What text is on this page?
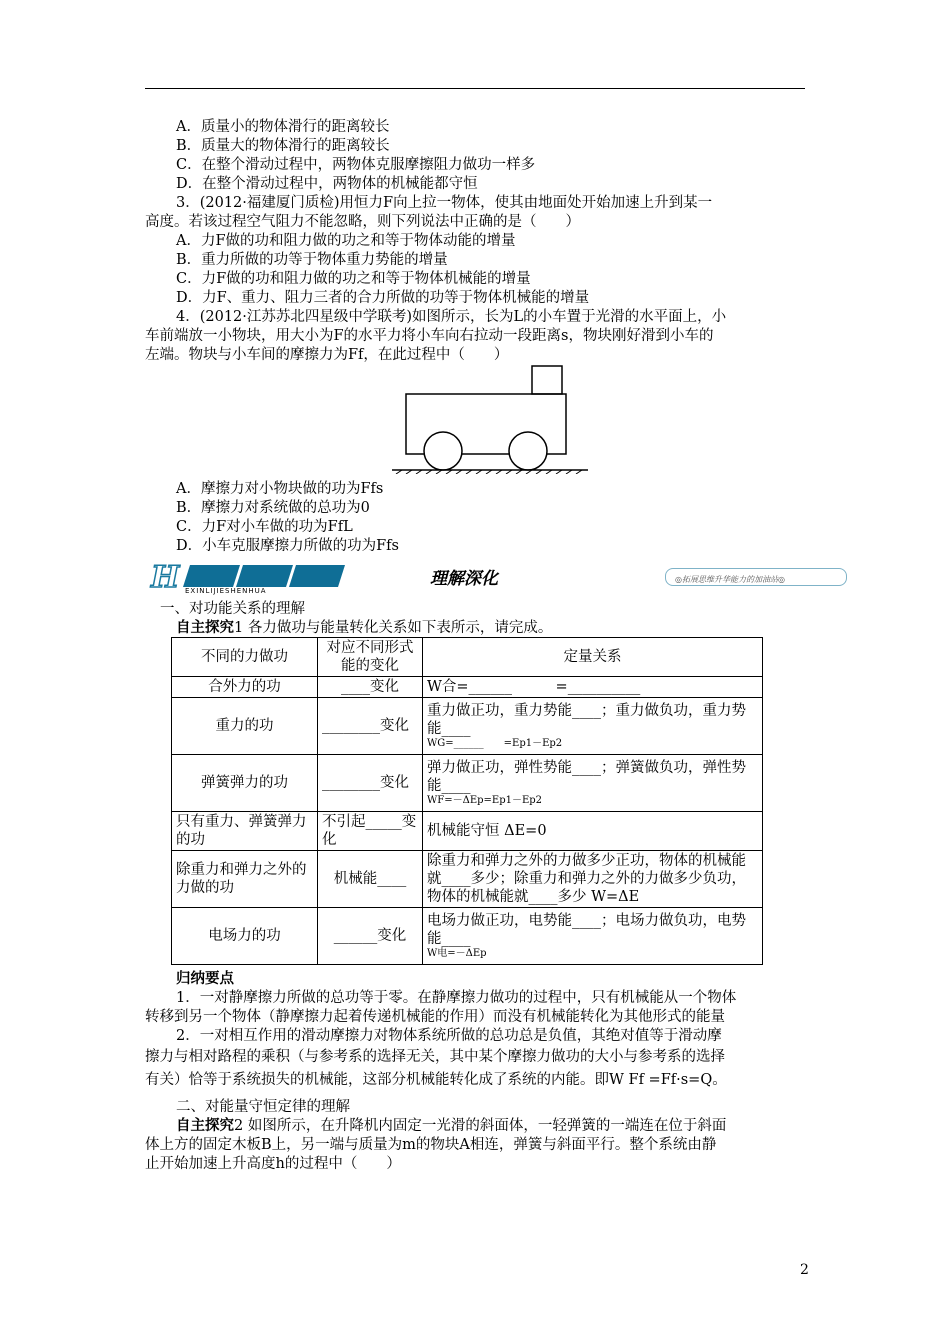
A．质量小的物体滑行的距离较长
B．质量大的物体滑行的距离较长
C．在整个滑动过程中，两物体克服摩擦阻力做功一样多
D．在整个滑动过程中，两物体的机械能都守恒
3．(2012·福建厦门质检)用恒力F向上拉一物体，使其由地面处开始加速上升到某一
高度。若该过程空气阻力不能忽略，则下列说法中正确的是（　　）
A．力F做的功和阻力做的功之和等于物体动能的增量
B．重力所做的功等于物体重力势能的增量
C．力F做的功和阻力做的功之和等于物体机械能的增量
D．力F、重力、阻力三者的合力所做的功等于物体机械能的增量
4．(2012·江苏苏北四星级中学联考)如图所示，长为L的小车置于光滑的水平面上，小
车前端放一小物块，用大小为F的水平力将小车向右拉动一段距离s，物块刚好滑到小车的
左端。物块与小车间的摩擦力为Ff，在此过程中（　　）
A．摩擦力对小物块做的功为Ffs
B．摩擦力对系统做的总功为0
C．力F对小车做的功为FfL
D．小车克服摩擦力所做的功为Ffs
H	理解深化
EXINLIJIESHENHUA
◎拓展思维升华能力的加油站◎
一、对功能关系的理解
自主探究1 各力做功与能量转化关系如下表所示，请完成。
不同的力做功	对应不同形式能的变化	定量关系
合外力的功	____变化	W合=______　　　=__________
重力的功	________变化	重力做正功，重力势能____；重力做负功，重力势能____
WG=______　　=Ep1－Ep2

弹簧弹力的功	________变化	弹力做正功，弹性势能____；弹簧做负功，弹性势能____
WF=－ΔEp=Ep1－Ep2

只有重力、弹簧弹力的功	不引起_____变化	机械能守恒 ΔE=0
除重力和弹力之外的力做的功	机械能____	除重力和弹力之外的力做多少正功，物体的机械能就____多少；除重力和弹力之外的力做多少负功，物体的机械能就____多少 W=ΔE
电场力的功	______变化	电场力做正功，电势能____；电场力做负功，电势能____
W电=－ΔEp
归纳要点
1．一对静摩擦力所做的总功等于零。在静摩擦力做功的过程中，只有机械能从一个物体
转移到另一个物体（静摩擦力起着传递机械能的作用）而没有机械能转化为其他形式的能量
2．一对相互作用的滑动摩擦力对物体系统所做的总功总是负值，其绝对值等于滑动摩
擦力与相对路程的乘积（与参考系的选择无关，其中某个摩擦力做功的大小与参考系的选择
有关）恰等于系统损失的机械能，这部分机械能转化成了系统的内能。即W Ff =Ff·s=Q。
二、对能量守恒定律的理解
自主探究2 如图所示，在升降机内固定一光滑的斜面体，一轻弹簧的一端连在位于斜面
体上方的固定木板B上，另一端与质量为m的物块A相连，弹簧与斜面平行。整个系统由静
止开始加速上升高度h的过程中（　　）
2
